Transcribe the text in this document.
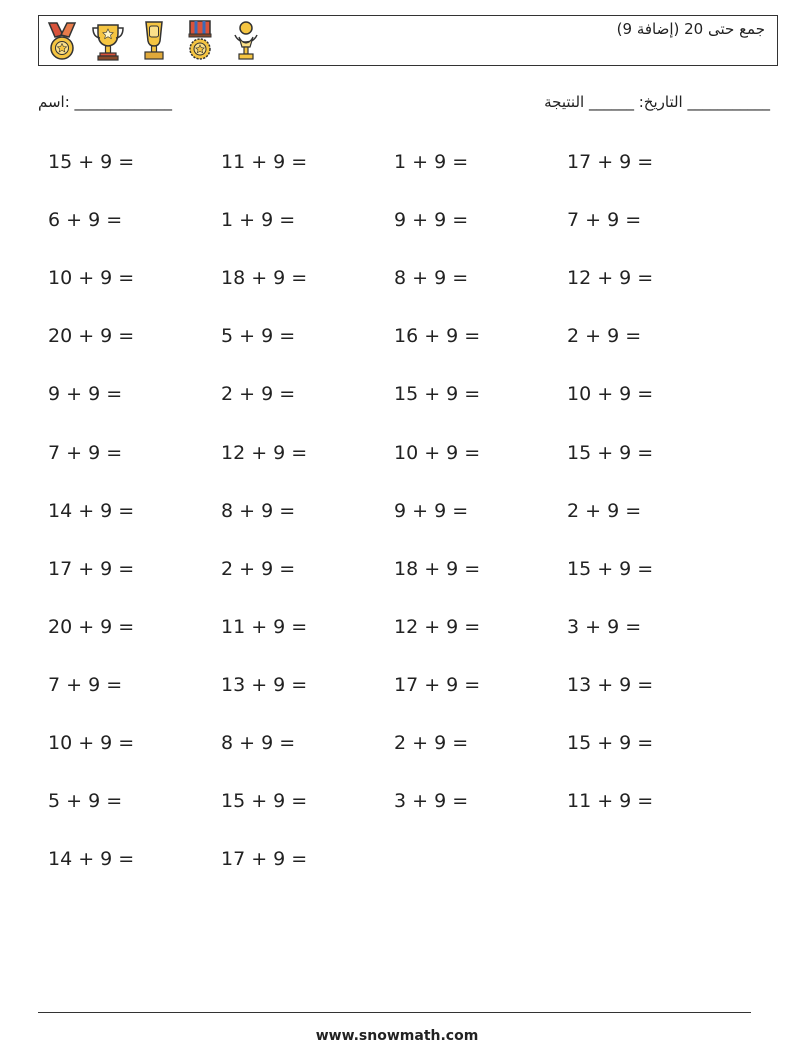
جمع حتى 20 (إضافة 9)
اسم: _____________	التاريخ: ______ النتيجة ___________
15 + 9 =
6 + 9 =
10 + 9 =
20 + 9 =
9 + 9 =
7 + 9 =
14 + 9 =
17 + 9 =
20 + 9 =
7 + 9 =
10 + 9 =
5 + 9 =
14 + 9 =
11 + 9 =
1 + 9 =
18 + 9 =
5 + 9 =
2 + 9 =
12 + 9 =
8 + 9 =
2 + 9 =
11 + 9 =
13 + 9 =
8 + 9 =
15 + 9 =
17 + 9 =
1 + 9 =
9 + 9 =
8 + 9 =
16 + 9 =
15 + 9 =
10 + 9 =
9 + 9 =
18 + 9 =
12 + 9 =
17 + 9 =
2 + 9 =
3 + 9 =
17 + 9 =
7 + 9 =
12 + 9 =
2 + 9 =
10 + 9 =
15 + 9 =
2 + 9 =
15 + 9 =
3 + 9 =
13 + 9 =
15 + 9 =
11 + 9 =
www.snowmath.com
